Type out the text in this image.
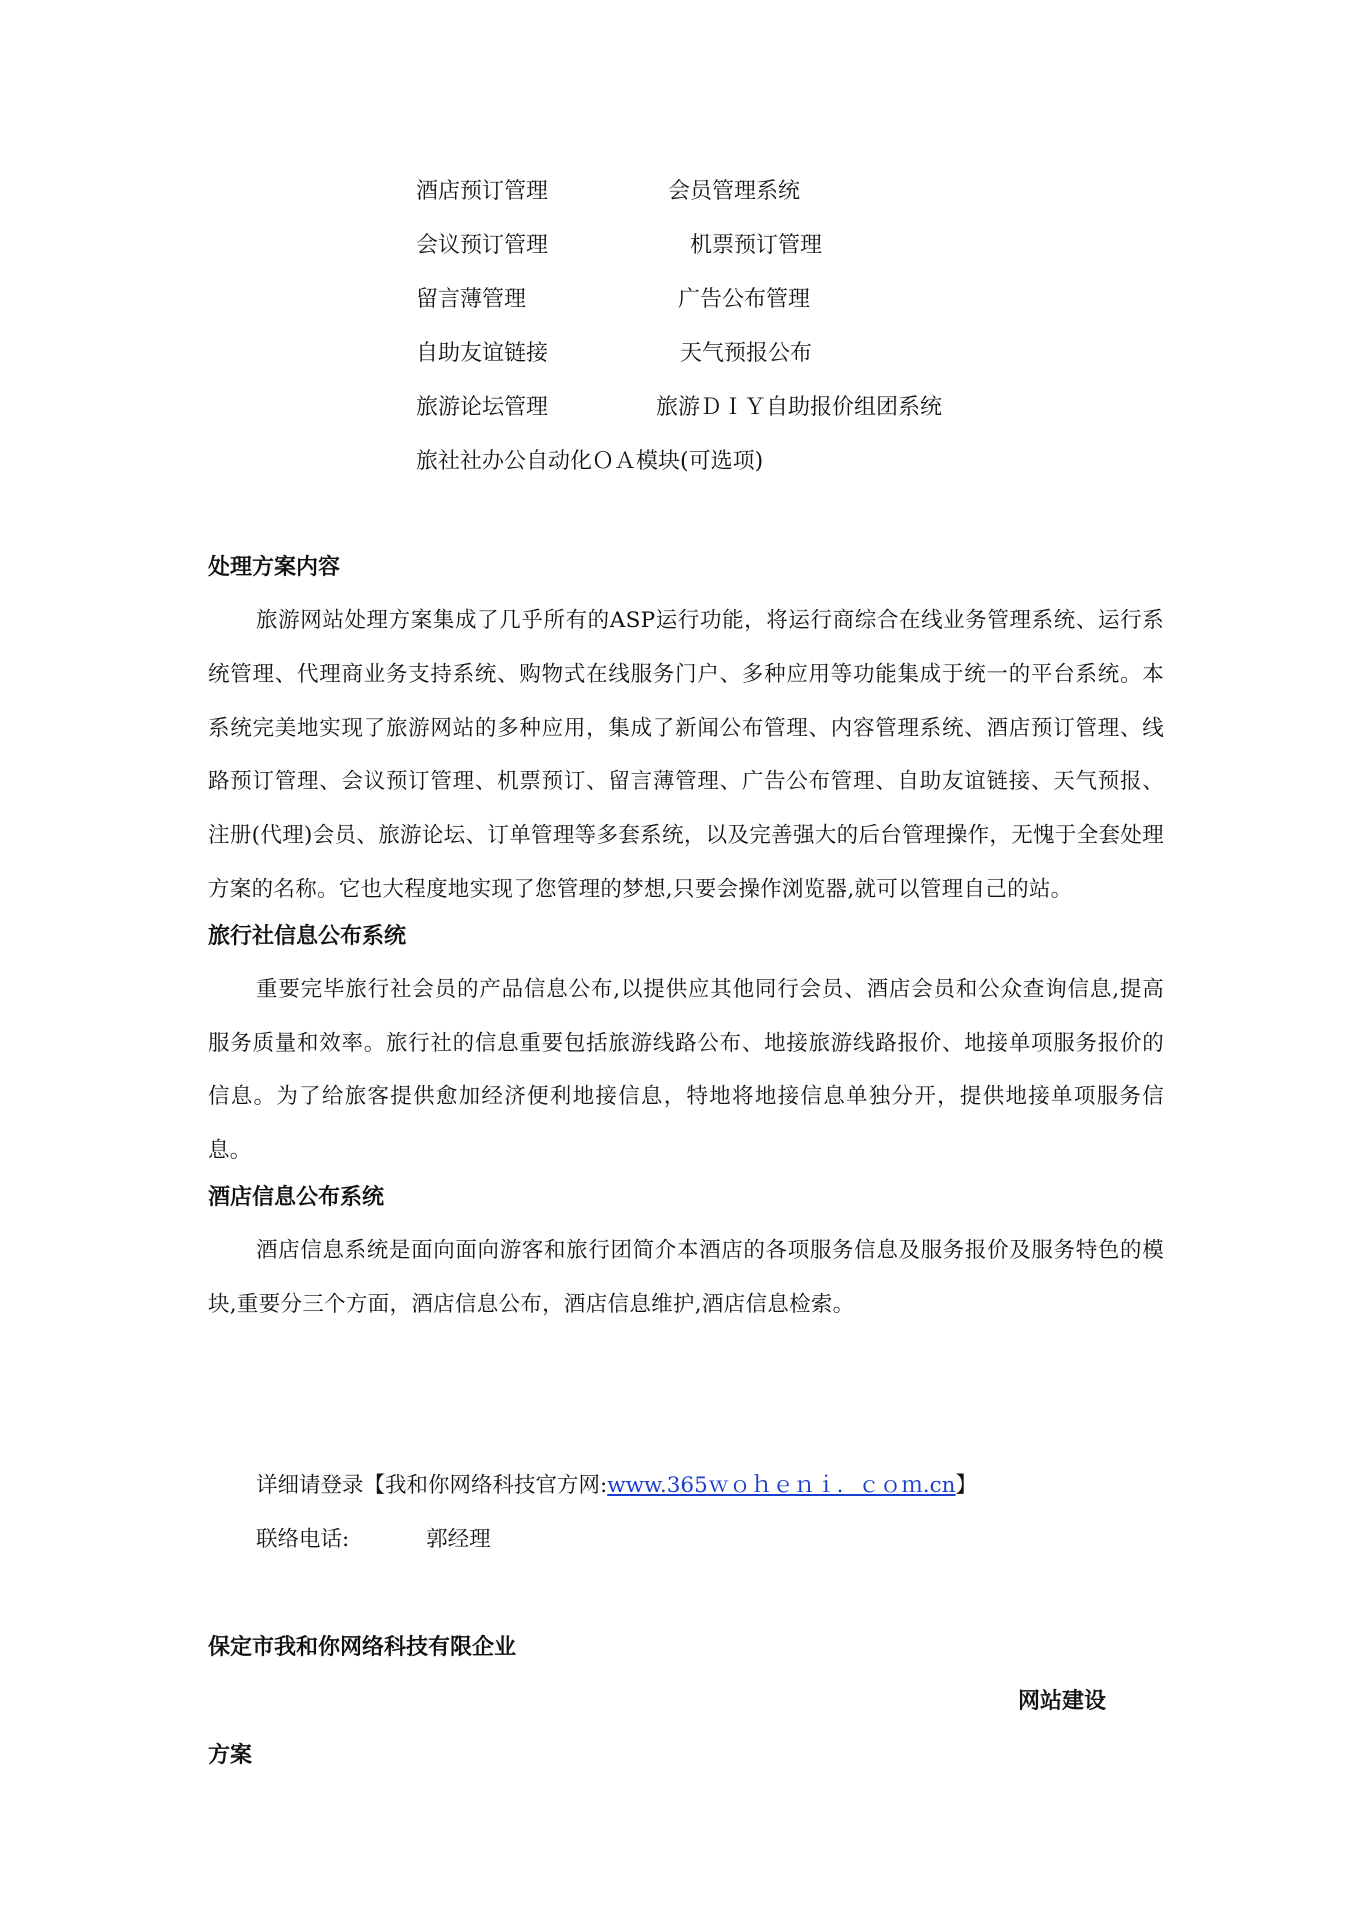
酒店预订管理	会员管理系统
会议预订管理	机票预订管理
留言薄管理	广告公布管理
自助友谊链接	天气预报公布
旅游论坛管理	旅游ＤＩＹ自助报价组团系统
旅社社办公自动化ＯＡ模块(可选项)
处理方案内容

旅游网站处理方案集成了几乎所有的ASP运行功能，将运行商综合在线业务管理系统、运行系统管理、代理商业务支持系统、购物式在线服务门户、多种应用等功能集成于统一的平台系统。本系统完美地实现了旅游网站的多种应用，集成了新闻公布管理、内容管理系统、酒店预订管理、线路预订管理、会议预订管理、机票预订、留言薄管理、广告公布管理、自助友谊链接、天气预报、注册(代理)会员、旅游论坛、订单管理等多套系统，以及完善强大的后台管理操作，无愧于全套处理方案的名称。它也大程度地实现了您管理的梦想,只要会操作浏览器,就可以管理自己的站。

旅行社信息公布系统

重要完毕旅行社会员的产品信息公布,以提供应其他同行会员、酒店会员和公众查询信息,提高服务质量和效率。旅行社的信息重要包括旅游线路公布、地接旅游线路报价、地接单项服务报价的信息。为了给旅客提供愈加经济便利地接信息，特地将地接信息单独分开，提供地接单项服务信息。

酒店信息公布系统

酒店信息系统是面向面向游客和旅行团简介本酒店的各项服务信息及服务报价及服务特色的模块,重要分三个方面，酒店信息公布，酒店信息维护,酒店信息检索。

详细请登录【我和你网络科技官方网:www.365ｗｏｈｅｎｉ．ｃｏｍ.cn】
联络电话:	郭经理
保定市我和你网络科技有限企业
网站建设
方案
